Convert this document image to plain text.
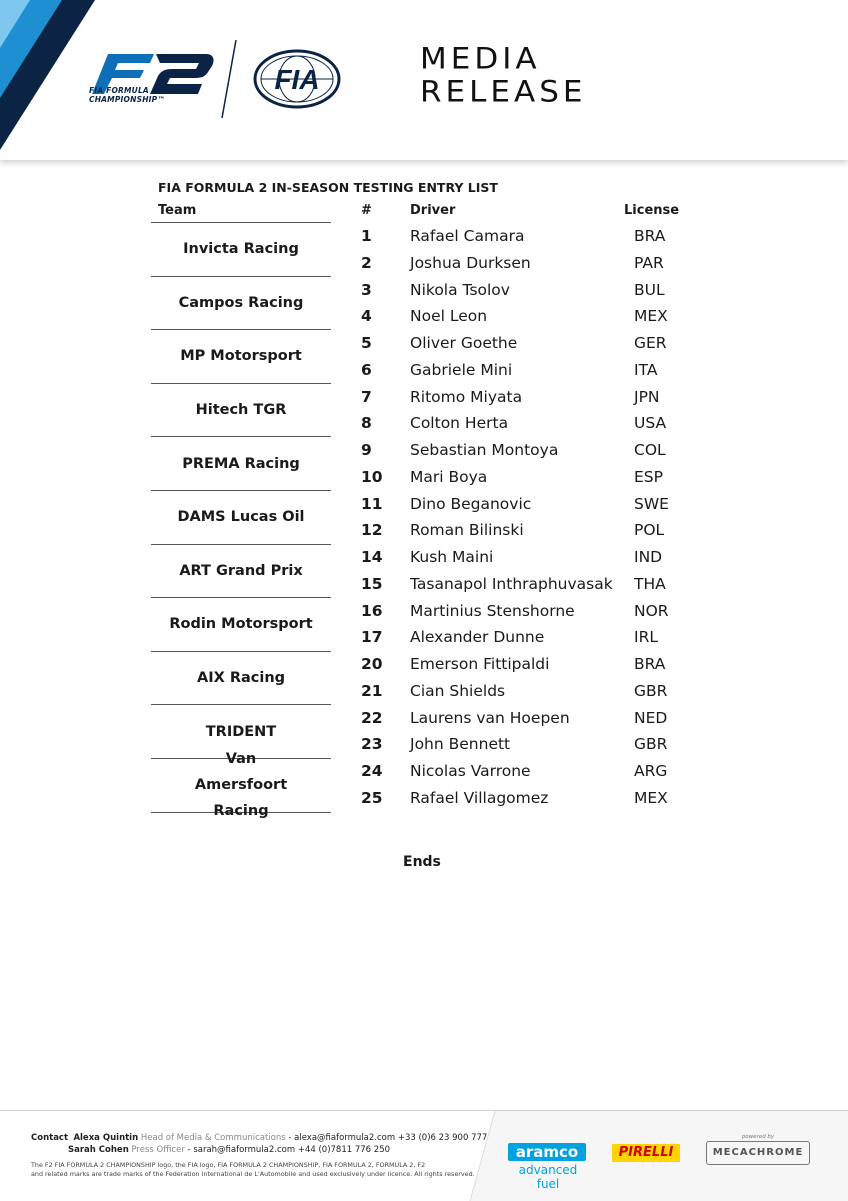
FIA FORMULA 2
CHAMPIONSHIP™
FIA
MEDIA
RELEASE
FIA FORMULA 2 IN-SEASON TESTING ENTRY LIST
Team	#	Driver	License
Invicta Racing
Campos Racing
MP Motorsport
Hitech TGR
PREMA Racing
DAMS Lucas Oil
ART Grand Prix
Rodin Motorsport
AIX Racing
TRIDENT
Van Amersfoort Racing
1 Rafael Camara	BRA
2 Joshua Durksen	PAR
3 Nikola Tsolov	BUL
4 Noel Leon	MEX
5 Oliver Goethe	GER
6 Gabriele Mini	ITA
7 Ritomo Miyata	JPN
8 Colton Herta	USA
9 Sebastian Montoya	COL
10 Mari Boya	ESP
11 Dino Beganovic	SWE
12 Roman Bilinski	POL
14 Kush Maini	IND
15 Tasanapol Inthraphuvasak THA
16 Martinius Stenshorne	NOR
17 Alexander Dunne	IRL
20 Emerson Fittipaldi	BRA
21 Cian Shields	GBR
22 Laurens van Hoepen	NED
23 John Bennett	GBR
24 Nicolas Varrone	ARG
25 Rafael Villagomez	MEX
Ends
Contact Alexa Quintin Head of Media & Communications - alexa@fiaformula2.com +33 (0)6 23 900 777
Sarah Cohen Press Officer - sarah@fiaformula2.com +44 (0)7811 776 250
The F2 FIA FORMULA 2 CHAMPIONSHIP logo, the FIA logo, FIA FORMULA 2 CHAMPIONSHIP, FIA FORMULA 2, FORMULA 2, F2
and related marks are trade marks of the Federation International de L'Automobile and used exclusively under licence. All rights reserved.
aramco
advanced fuel
PIRELLI
powered by
MECACHROME
